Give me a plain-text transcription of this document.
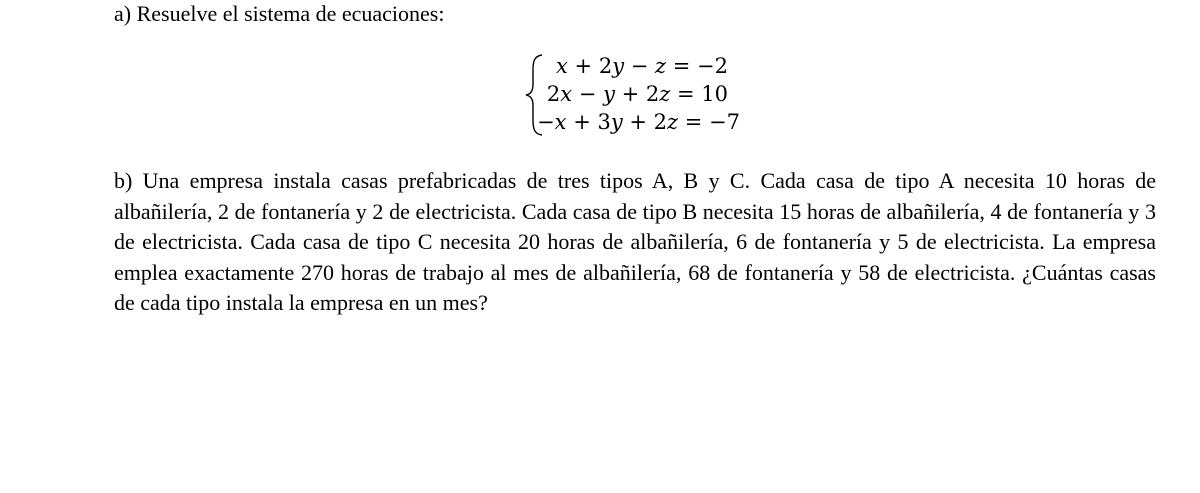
a) Resuelve el sistema de ecuaciones:
x + 2y − z = −2
2x − y + 2z = 10
−x + 3y + 2z = −7
b) Una empresa instala casas prefabricadas de tres tipos A, B y C. Cada casa de tipo A necesita 10 horas de albañilería, 2 de fontanería y 2 de electricista. Cada casa de tipo B necesita 15 horas de albañilería, 4 de fontanería y 3 de electricista. Cada casa de tipo C necesita 20 horas de albañilería, 6 de fontanería y 5 de electricista. La empresa emplea exactamente 270 horas de trabajo al mes de albañilería, 68 de fontanería y 58 de electricista. ¿Cuántas casas de cada tipo instala la empresa en un mes?
